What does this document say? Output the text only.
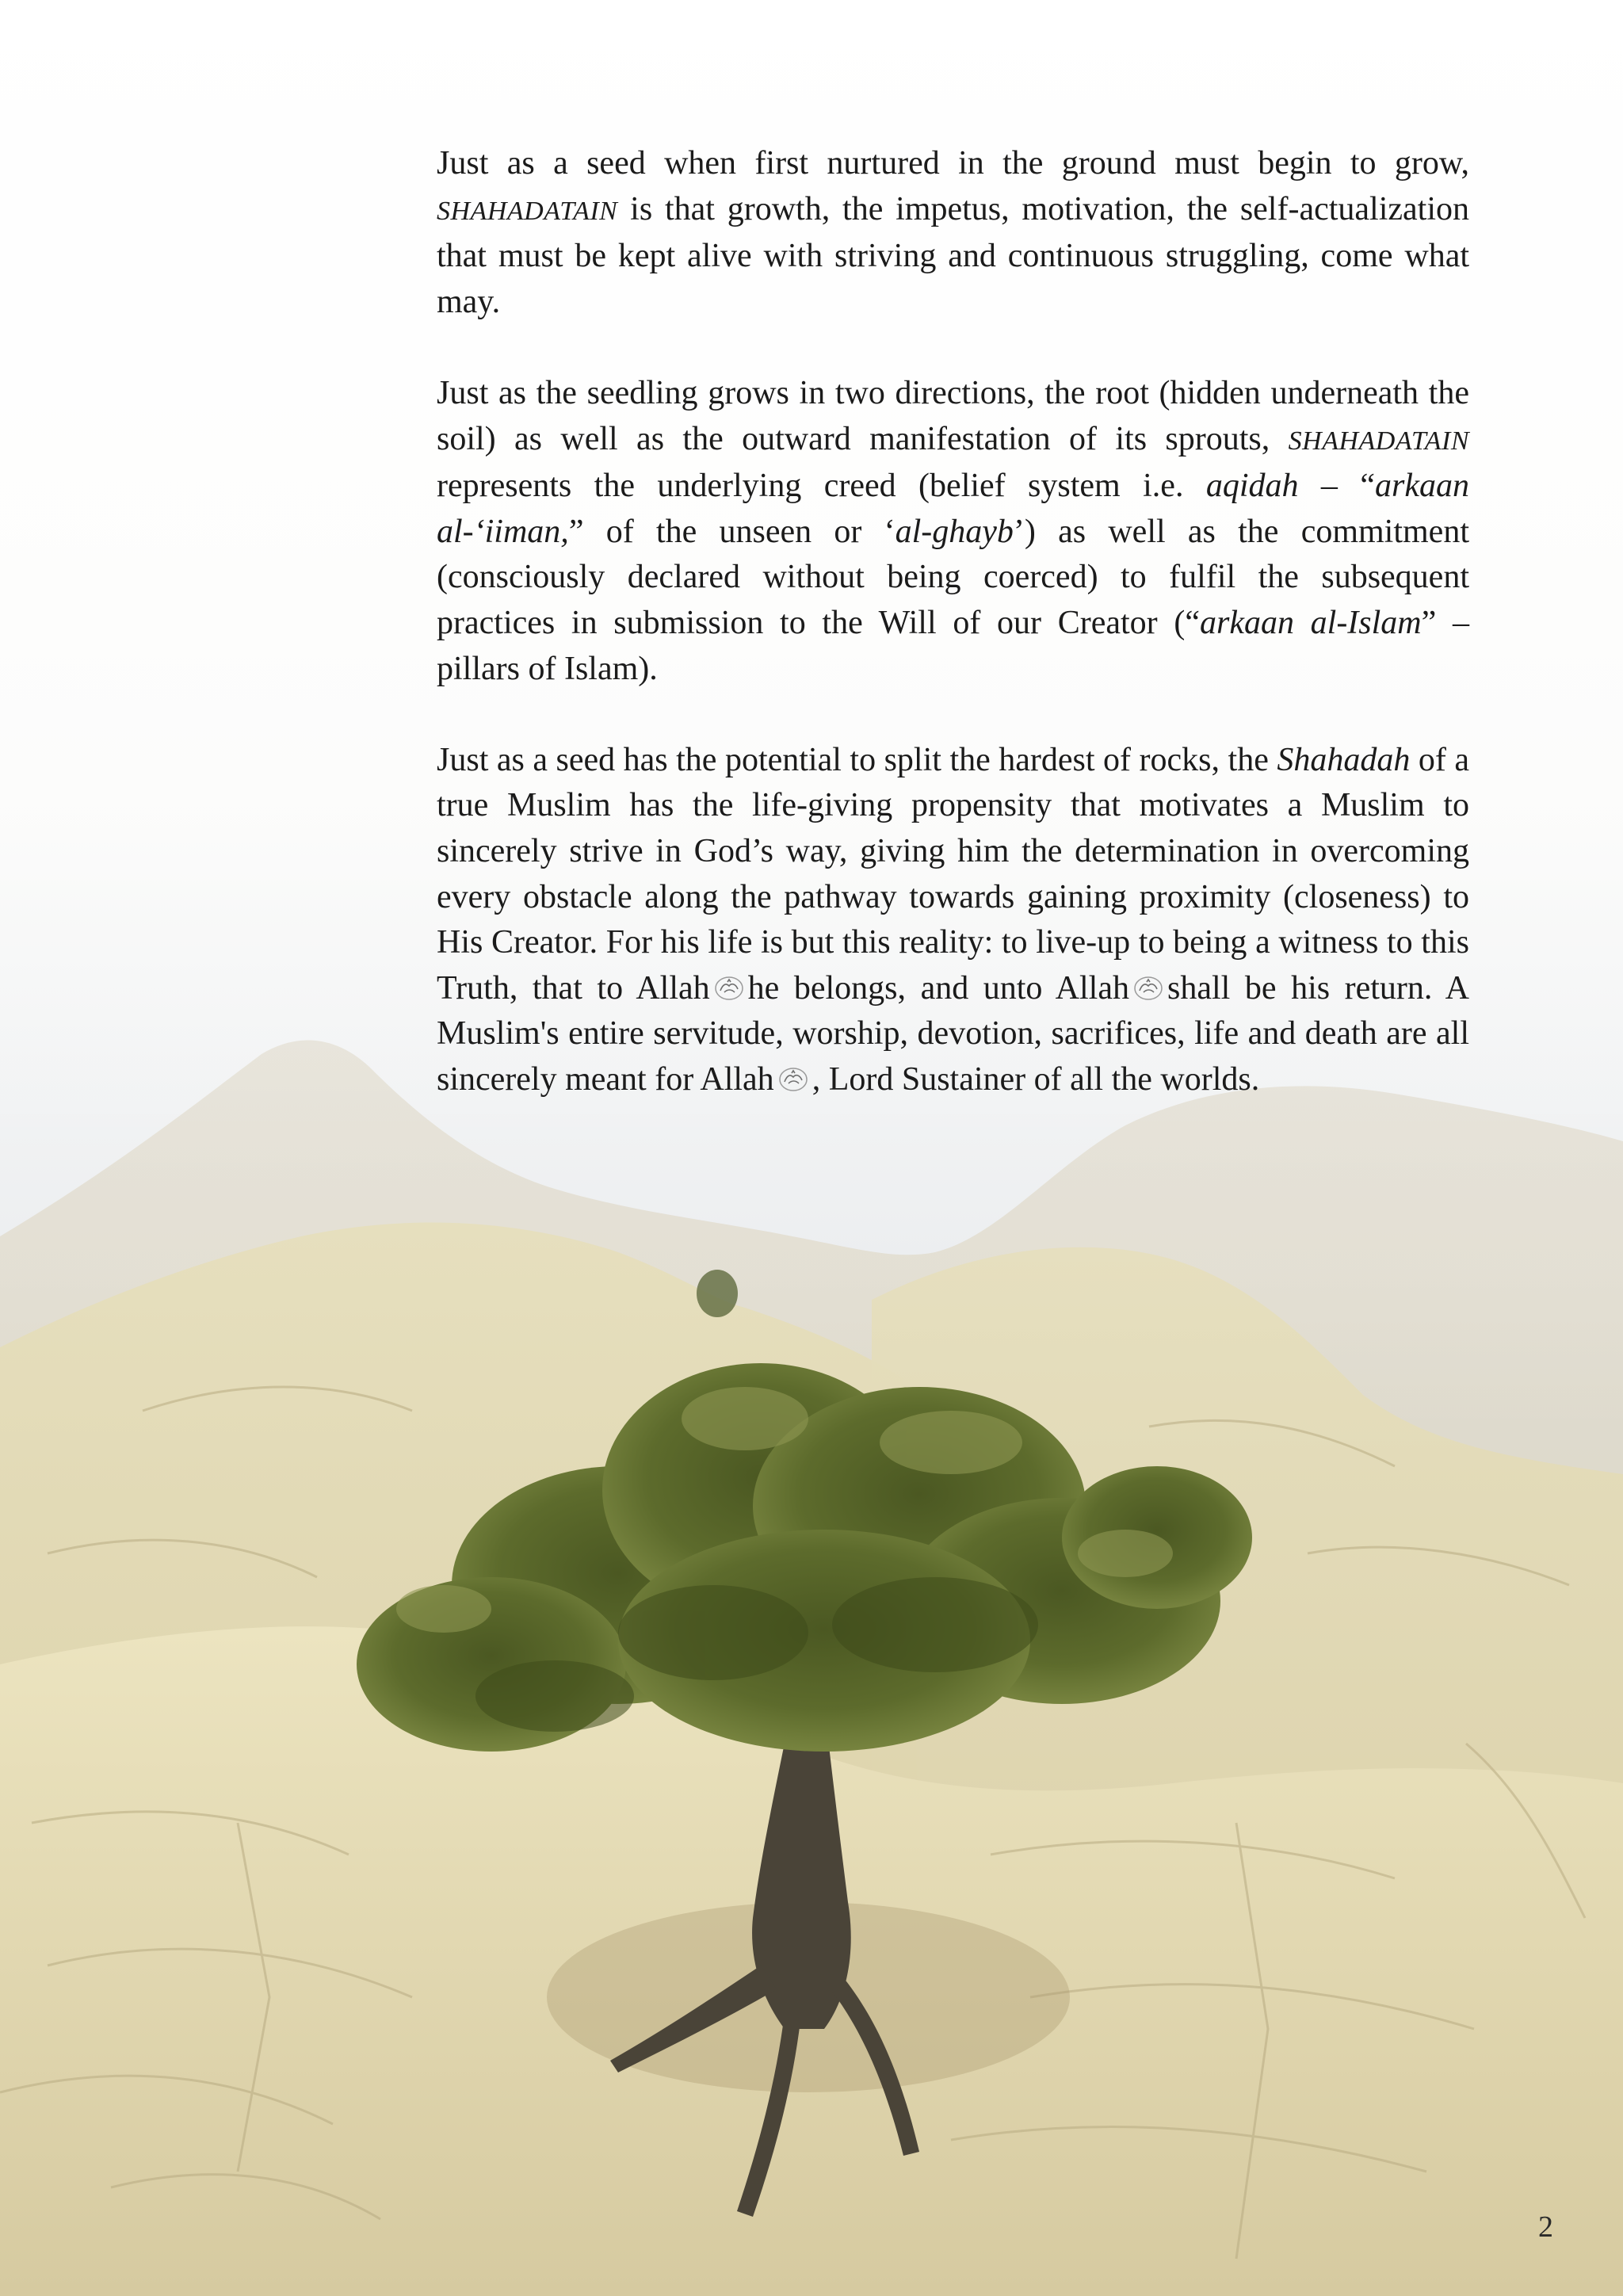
Just as a seed when first nurtured in the ground must begin to grow, SHAHADATAIN is that growth, the impetus, motivation, the self-actualization that must be kept alive with striving and continuous struggling, come what may.

Just as the seedling grows in two directions, the root (hidden underneath the soil) as well as the outward manifestation of its sprouts, SHAHADATAIN represents the underlying creed (belief system i.e. aqidah – “arkaan al-‘iiman,” of the unseen or ‘al-ghayb’) as well as the commitment (consciously declared without being coerced) to fulfil the subsequent practices in submission to the Will of our Creator (“arkaan al-Islam” – pillars of Islam).

Just as a seed has the potential to split the hardest of rocks, the Shahadah of a true Muslim has the life-giving propensity that motivates a Muslim to sincerely strive in God’s way, giving him the determination in overcoming every obstacle along the pathway towards gaining proximity (closeness) to His Creator. For his life is but this reality: to live-up to being a witness to this Truth, that to Allah he belongs, and unto Allah shall be his return. A Muslim's entire servitude, worship, devotion, sacrifices, life and death are all sincerely meant for Allah , Lord Sustainer of all the worlds.

2
